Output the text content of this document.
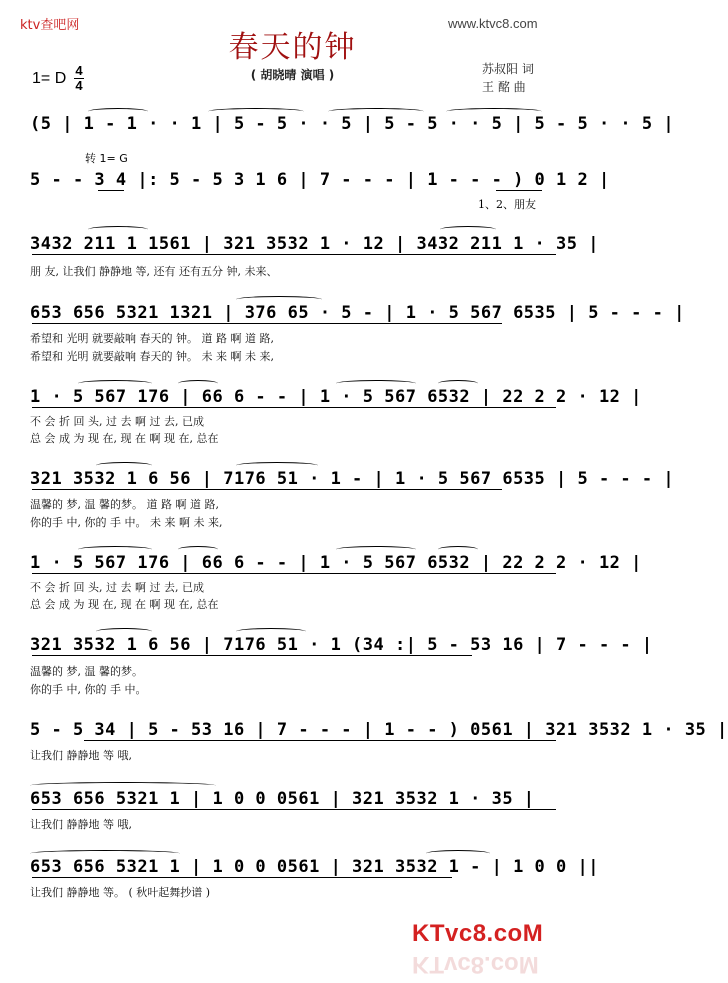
ktv查吧网	www.ktvc8.com
春天的钟
( 胡晓晴 演唱 )	苏叔阳 词
王 酩 曲
1= D 4
4
转 1= G
(5 | 1 - 1 · · 1 | 5 - 5 · · 5 | 5 - 5 · · 5 | 5 - 5 · · 5 |
5 - - 3 4 |: 5 - 5 3 1 6 | 7 - - - | 1 - - - ) 0 1 2 |
1、2、朋友
3432 211 1 1561 | 321 3532 1 · 12 | 3432 211 1 · 35 |
朋 友, 让我们 静静地 等, 还有 还有五分 钟, 未来、
653 656 5321 1321 | 376 65 · 5 - | 1 · 5 567 6535 | 5 - - - |
希望和 光明 就要敲响 春天的 钟。 道 路 啊 道 路,
希望和 光明 就要敲响 春天的 钟。 未 来 啊 未 来,
1 · 5 567 176 | 66 6 - - | 1 · 5 567 6532 | 22 2 2 · 12 |
不 会 折 回 头, 过 去 啊 过 去, 已成
总 会 成 为 现 在, 现 在 啊 现 在, 总在
321 3532 1 6 56 | 7176 51 · 1 - | 1 · 5 567 6535 | 5 - - - |
温馨的 梦, 温 馨的梦。 道 路 啊 道 路,
你的手 中, 你的 手 中。 未 来 啊 未 来,
1 · 5 567 176 | 66 6 - - | 1 · 5 567 6532 | 22 2 2 · 12 |
不 会 折 回 头, 过 去 啊 过 去, 已成
总 会 成 为 现 在, 现 在 啊 现 在, 总在
321 3532 1 6 56 | 7176 51 · 1 (34 :| 5 - 53 16 | 7 - - - |
温馨的 梦, 温 馨的梦。
你的手 中, 你的 手 中。
5 - 5 34 | 5 - 53 16 | 7 - - - | 1 - - ) 0561 | 321 3532 1 · 35 |
让我们 静静地 等 哦,
653 656 5321 1 | 1 0 0 0561 | 321 3532 1 · 35 |
让我们 静静地 等 哦,
653 656 5321 1 | 1 0 0 0561 | 321 3532 1 - | 1 0 0 ||
让我们 静静地 等。 ( 秋叶起舞抄谱 )
KTvc8.coM
KTvc8.coM
